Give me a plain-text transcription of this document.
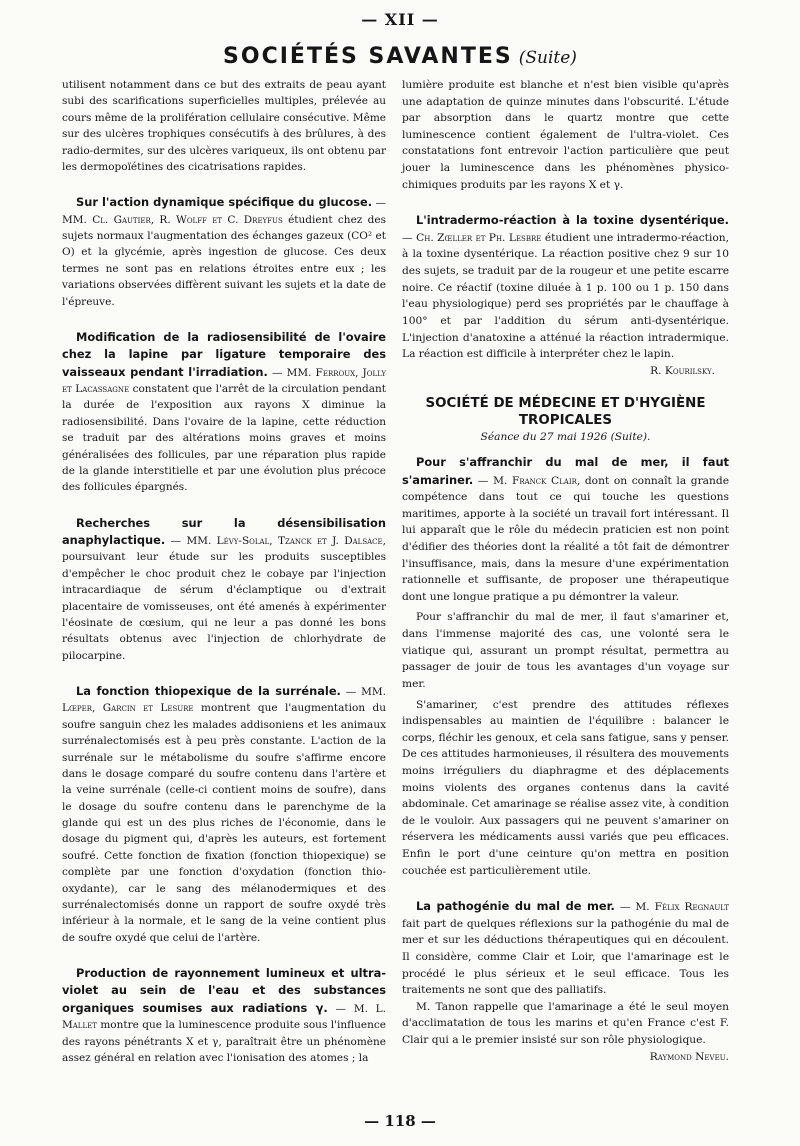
— XII —
SOCIÉTÉS SAVANTES (Suite)

utilisent notamment dans ce but des extraits de peau ayant subi des scarifications superficielles multiples, prélevée au cours même de la prolifération cellulaire consécutive. Même sur des ulcères trophiques consécutifs à des brûlures, à des radio-dermites, sur des ulcères variqueux, ils ont obtenu par les dermopoïétines des cicatrisations rapides.

Sur l'action dynamique spécifique du glucose. — MM. Cl. Gautier, R. Wolff et C. Dreyfus étudient chez des sujets normaux l'augmentation des échanges gazeux (CO² et O) et la glycémie, après ingestion de glucose. Ces deux termes ne sont pas en relations étroites entre eux ; les variations observées diffèrent suivant les sujets et la date de l'épreuve.

Modification de la radiosensibilité de l'ovaire chez la lapine par ligature temporaire des vaisseaux pendant l'irradiation. — MM. Ferroux, Jolly et Lacassagne constatent que l'arrêt de la circulation pendant la durée de l'exposition aux rayons X diminue la radiosensibilité. Dans l'ovaire de la lapine, cette réduction se traduit par des altérations moins graves et moins généralisées des follicules, par une réparation plus rapide de la glande interstitielle et par une évolution plus précoce des follicules épargnés.

Recherches sur la désensibilisation anaphylactique. — MM. Lévy-Solal, Tzanck et J. Dalsace, poursuivant leur étude sur les produits susceptibles d'empêcher le choc produit chez le cobaye par l'injection intracardiaque de sérum d'éclamptique ou d'extrait placentaire de vomisseuses, ont été amenés à expérimenter l'éosinate de cœsium, qui ne leur a pas donné les bons résultats obtenus avec l'injection de chlorhydrate de pilocarpine.

La fonction thiopexique de la surrénale. — MM. Lœper, Garcin et Lesure montrent que l'augmentation du soufre sanguin chez les malades addisoniens et les animaux surrénalectomisés est à peu près constante. L'action de la surrénale sur le métabolisme du soufre s'affirme encore dans le dosage comparé du soufre contenu dans l'artère et la veine surrénale (celle-ci contient moins de soufre), dans le dosage du soufre contenu dans le parenchyme de la glande qui est un des plus riches de l'économie, dans le dosage du pigment qui, d'après les auteurs, est fortement soufré. Cette fonction de fixation (fonction thiopexique) se complète par une fonction d'oxydation (fonction thio-oxydante), car le sang des mélanodermiques et des surrénalectomisés donne un rapport de soufre oxydé très inférieur à la normale, et le sang de la veine contient plus de soufre oxydé que celui de l'artère.

Production de rayonnement lumineux et ultra-violet au sein de l'eau et des substances organiques soumises aux radiations γ. — M. L. Mallet montre que la luminescence produite sous l'influence des rayons pénétrants X et γ, paraîtrait être un phénomène assez général en relation avec l'ionisation des atomes ; la

lumière produite est blanche et n'est bien visible qu'après une adaptation de quinze minutes dans l'obscurité. L'étude par absorption dans le quartz montre que cette luminescence contient également de l'ultra-violet. Ces constatations font entrevoir l'action particulière que peut jouer la luminescence dans les phénomènes physico-chimiques produits par les rayons X et γ.

L'intradermo-réaction à la toxine dysentérique. — Ch. Zœller et Ph. Lesbre étudient une intradermo-réaction, à la toxine dysentérique. La réaction positive chez 9 sur 10 des sujets, se traduit par de la rougeur et une petite escarre noire. Ce réactif (toxine diluée à 1 p. 100 ou 1 p. 150 dans l'eau physiologique) perd ses propriétés par le chauffage à 100° et par l'addition du sérum anti-dysentérique. L'injection d'anatoxine a atténué la réaction intradermique. La réaction est difficile à interpréter chez le lapin.

R. Kourilsky.

SOCIÉTÉ DE MÉDECINE ET D'HYGIÈNE TROPICALES

Séance du 27 mai 1926 (Suite).

Pour s'affranchir du mal de mer, il faut s'amariner. — M. Franck Clair, dont on connaît la grande compétence dans tout ce qui touche les questions maritimes, apporte à la société un travail fort intéressant. Il lui apparaît que le rôle du médecin praticien est non point d'édifier des théories dont la réalité a tôt fait de démontrer l'insuffisance, mais, dans la mesure d'une expérimentation rationnelle et suffisante, de proposer une thérapeutique dont une longue pratique a pu démontrer la valeur.

Pour s'affranchir du mal de mer, il faut s'amariner et, dans l'immense majorité des cas, une volonté sera le viatique qui, assurant un prompt résultat, permettra au passager de jouir de tous les avantages d'un voyage sur mer.

S'amariner, c'est prendre des attitudes réflexes indispensables au maintien de l'équilibre : balancer le corps, fléchir les genoux, et cela sans fatigue, sans y penser. De ces attitudes harmonieuses, il résultera des mouvements moins irréguliers du diaphragme et des déplacements moins violents des organes contenus dans la cavité abdominale. Cet amarinage se réalise assez vite, à condition de le vouloir. Aux passagers qui ne peuvent s'amariner on réservera les médicaments aussi variés que peu efficaces. Enfin le port d'une ceinture qu'on mettra en position couchée est particulièrement utile.

La pathogénie du mal de mer. — M. Félix Regnault fait part de quelques réflexions sur la pathogénie du mal de mer et sur les déductions thérapeutiques qui en découlent. Il considère, comme Clair et Loir, que l'amarinage est le procédé le plus sérieux et le seul efficace. Tous les traitements ne sont que des palliatifs.

M. Tanon rappelle que l'amarinage a été le seul moyen d'acclimatation de tous les marins et qu'en France c'est F. Clair qui a le premier insisté sur son rôle physiologique.
Raymond Neveu.

— 118 —
